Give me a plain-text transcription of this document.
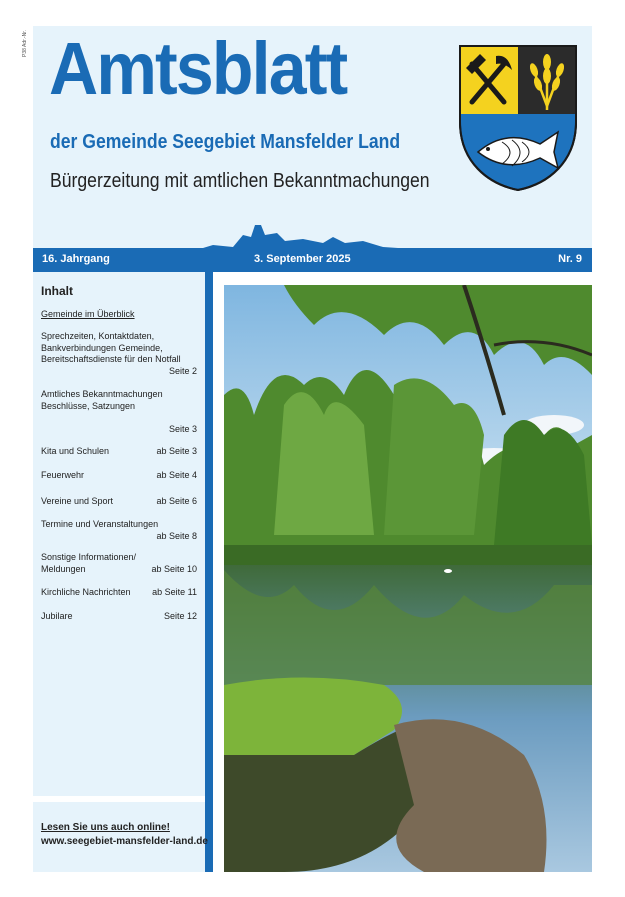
P38 Adr.-Nr. Amtsblatt
der Gemeinde Seegebiet Mansfelder Land
Bürgerzeitung mit amtlichen Bekanntmachungen
16. Jahrgang	3. September 2025	Nr. 9
Inhalt
Gemeinde im Überblick
Sprechzeiten, Kontaktdaten, Bankverbindungen Gemeinde, Bereitschaftsdienste für den Notfall
Seite 2
Amtliches Bekanntmachungen Beschlüsse, Satzungen
Seite 3
Kita und Schulen	ab Seite 3
Feuerwehr	ab Seite 4
Vereine und Sport	ab Seite 6
Termine und Veranstaltungen
ab Seite 8
Sonstige Informationen/ Meldungen	ab Seite 10
Kirchliche Nachrichten ab Seite 11
Jubilare	Seite 12
Lesen Sie uns auch online!
www.seegebiet-mansfelder-land.de
